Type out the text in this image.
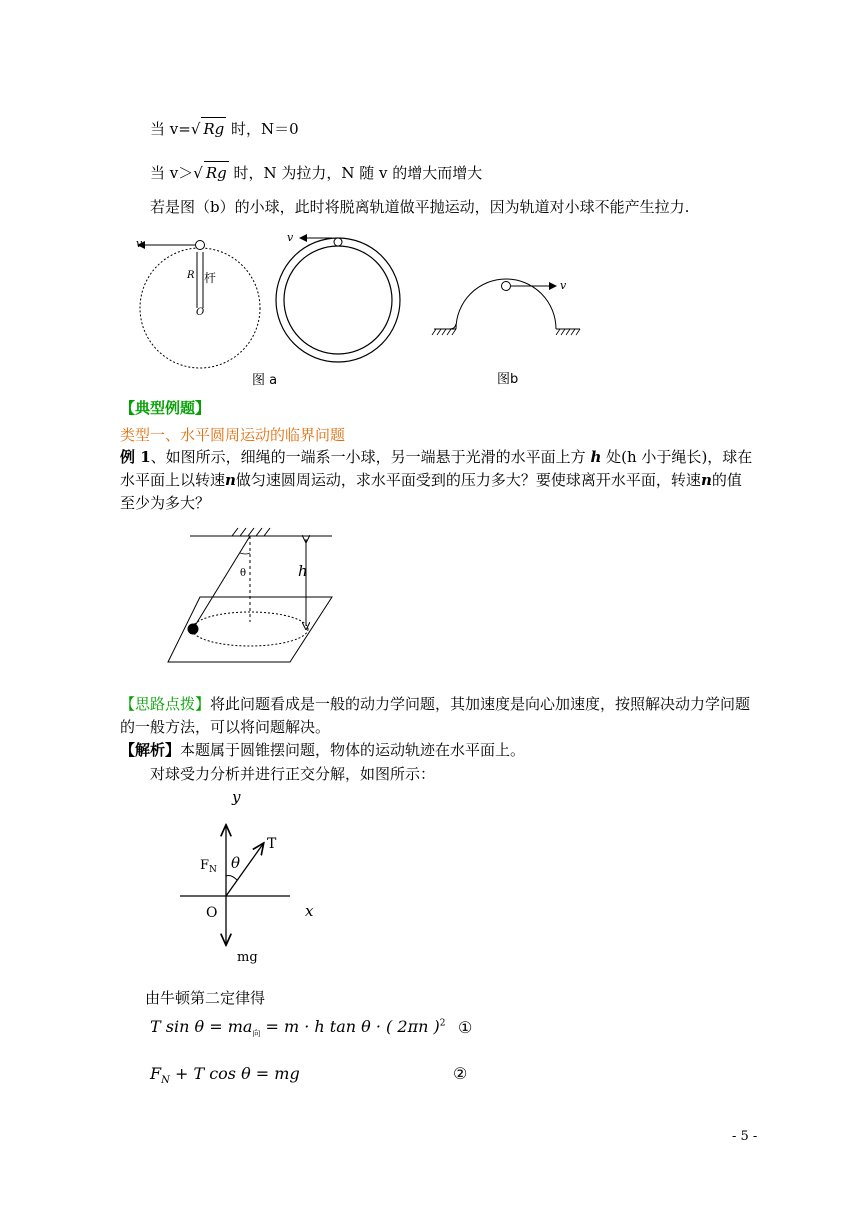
当 v=√ Rg 时，N＝0
当 v＞√ Rg 时，N 为拉力，N 随 v 的增大而增大
若是图（b）的小球，此时将脱离轨道做平抛运动，因为轨道对小球不能产生拉力.
v
R 杆
O
v
v
图 a	图b
【典型例题】
类型一、水平圆周运动的临界问题
例 1、如图所示，细绳的一端系一小球，另一端悬于光滑的水平面上方 h 处(h 小于绳长)，球在
水平面上以转速n做匀速圆周运动，求水平面受到的压力多大？要使球离开水平面，转速n的值
至少为多大？
θ	h
【思路点拨】将此问题看成是一般的动力学问题，其加速度是向心加速度，按照解决动力学问题
的一般方法，可以将问题解决。
【解析】本题属于圆锥摆问题，物体的运动轨迹在水平面上。
对球受力分析并进行正交分解，如图所示：
y
T
$F_N$ θ
O	x
mg
由牛顿第二定律得
T $\sin \theta = ma_向 = m \cdot h$ tan θ · ( 2πn )$^2$ ①
$F_N + T$ cos θ = mg	②
- 5 -
